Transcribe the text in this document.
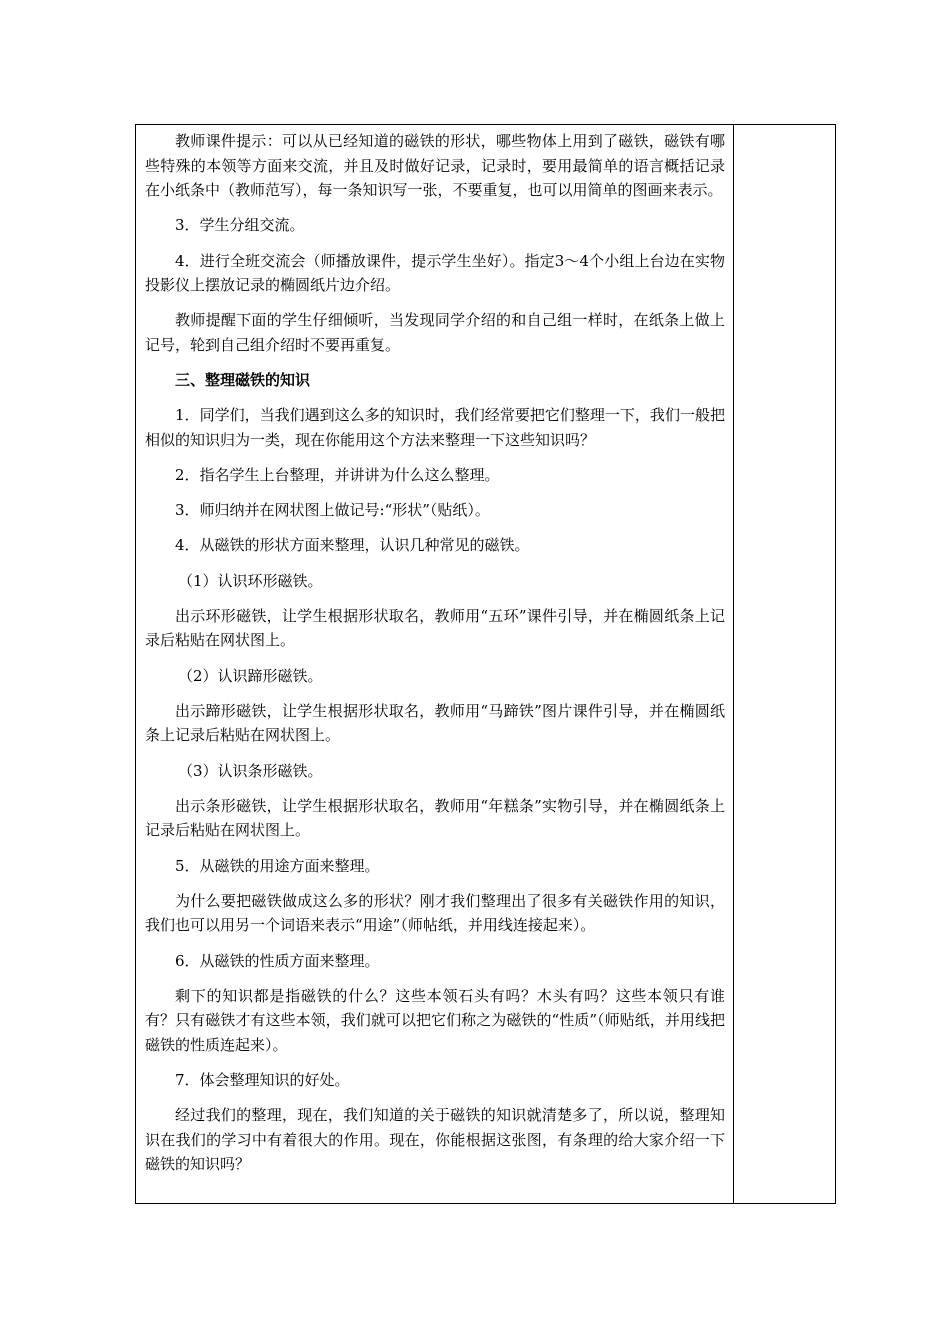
教师课件提示：可以从已经知道的磁铁的形状，哪些物体上用到了磁铁，磁铁有哪些特殊的本领等方面来交流，并且及时做好记录，记录时，要用最简单的语言概括记录在小纸条中（教师范写），每一条知识写一张，不要重复，也可以用简单的图画来表示。

3．学生分组交流。

4．进行全班交流会（师播放课件，提示学生坐好）。指定3～4个小组上台边在实物投影仪上摆放记录的椭圆纸片边介绍。

教师提醒下面的学生仔细倾听，当发现同学介绍的和自己组一样时，在纸条上做上记号，轮到自己组介绍时不要再重复。

三、整理磁铁的知识

1．同学们，当我们遇到这么多的知识时，我们经常要把它们整理一下，我们一般把相似的知识归为一类，现在你能用这个方法来整理一下这些知识吗？

2．指名学生上台整理，并讲讲为什么这么整理。

3．师归纳并在网状图上做记号:“形状”（贴纸）。

4．从磁铁的形状方面来整理，认识几种常见的磁铁。

（1）认识环形磁铁。

出示环形磁铁，让学生根据形状取名，教师用“五环”课件引导，并在椭圆纸条上记录后粘贴在网状图上。

（2）认识蹄形磁铁。

出示蹄形磁铁，让学生根据形状取名，教师用“马蹄铁”图片课件引导，并在椭圆纸条上记录后粘贴在网状图上。

（3）认识条形磁铁。

出示条形磁铁，让学生根据形状取名，教师用“年糕条”实物引导，并在椭圆纸条上记录后粘贴在网状图上。

5．从磁铁的用途方面来整理。

为什么要把磁铁做成这么多的形状？刚才我们整理出了很多有关磁铁作用的知识，我们也可以用另一个词语来表示“用途”（师帖纸，并用线连接起来）。

6．从磁铁的性质方面来整理。

剩下的知识都是指磁铁的什么？这些本领石头有吗？木头有吗？这些本领只有谁有？只有磁铁才有这些本领，我们就可以把它们称之为磁铁的“性质”（师贴纸，并用线把磁铁的性质连起来）。

7．体会整理知识的好处。

经过我们的整理，现在，我们知道的关于磁铁的知识就清楚多了，所以说，整理知识在我们的学习中有着很大的作用。现在，你能根据这张图，有条理的给大家介绍一下磁铁的知识吗？
